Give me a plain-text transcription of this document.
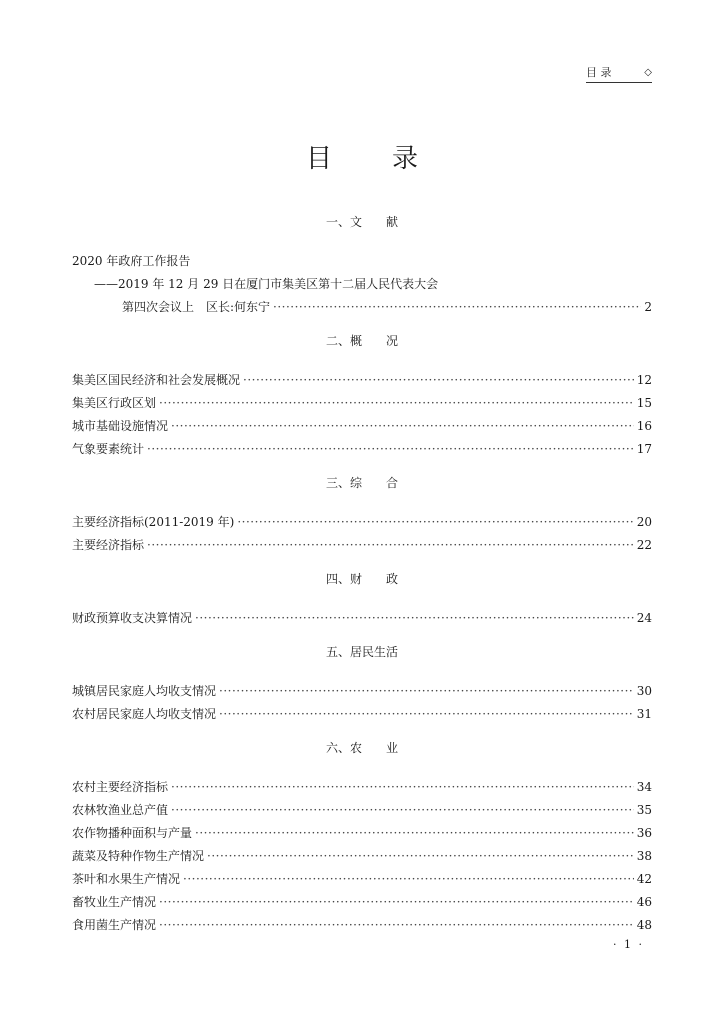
目 录	◇
目录
一、文　　献
2020 年政府工作报告
——2019 年 12 月 29 日在厦门市集美区第十二届人民代表大会
第四次会议上　区长:何东宁 ·····	2
二、概　　况
集美区国民经济和社会发展概况 ·····	12
集美区行政区划 ·····	15
城市基础设施情况 ·····	16
气象要素统计 ·····	17
三、综　　合
主要经济指标(2011-2019 年) ·····	20
主要经济指标 ·····	22
四、财　　政
财政预算收支决算情况 ·····	24
五、居民生活
城镇居民家庭人均收支情况 ·····	30
农村居民家庭人均收支情况 ·····	31
六、农　　业
农村主要经济指标 ·····	34
农林牧渔业总产值 ·····	35
农作物播种面积与产量 ·····	36
蔬菜及特种作物生产情况 ·····	38
茶叶和水果生产情况 ·····	42
畜牧业生产情况 ·····	46
食用菌生产情况 ·····	48
· 1 ·
